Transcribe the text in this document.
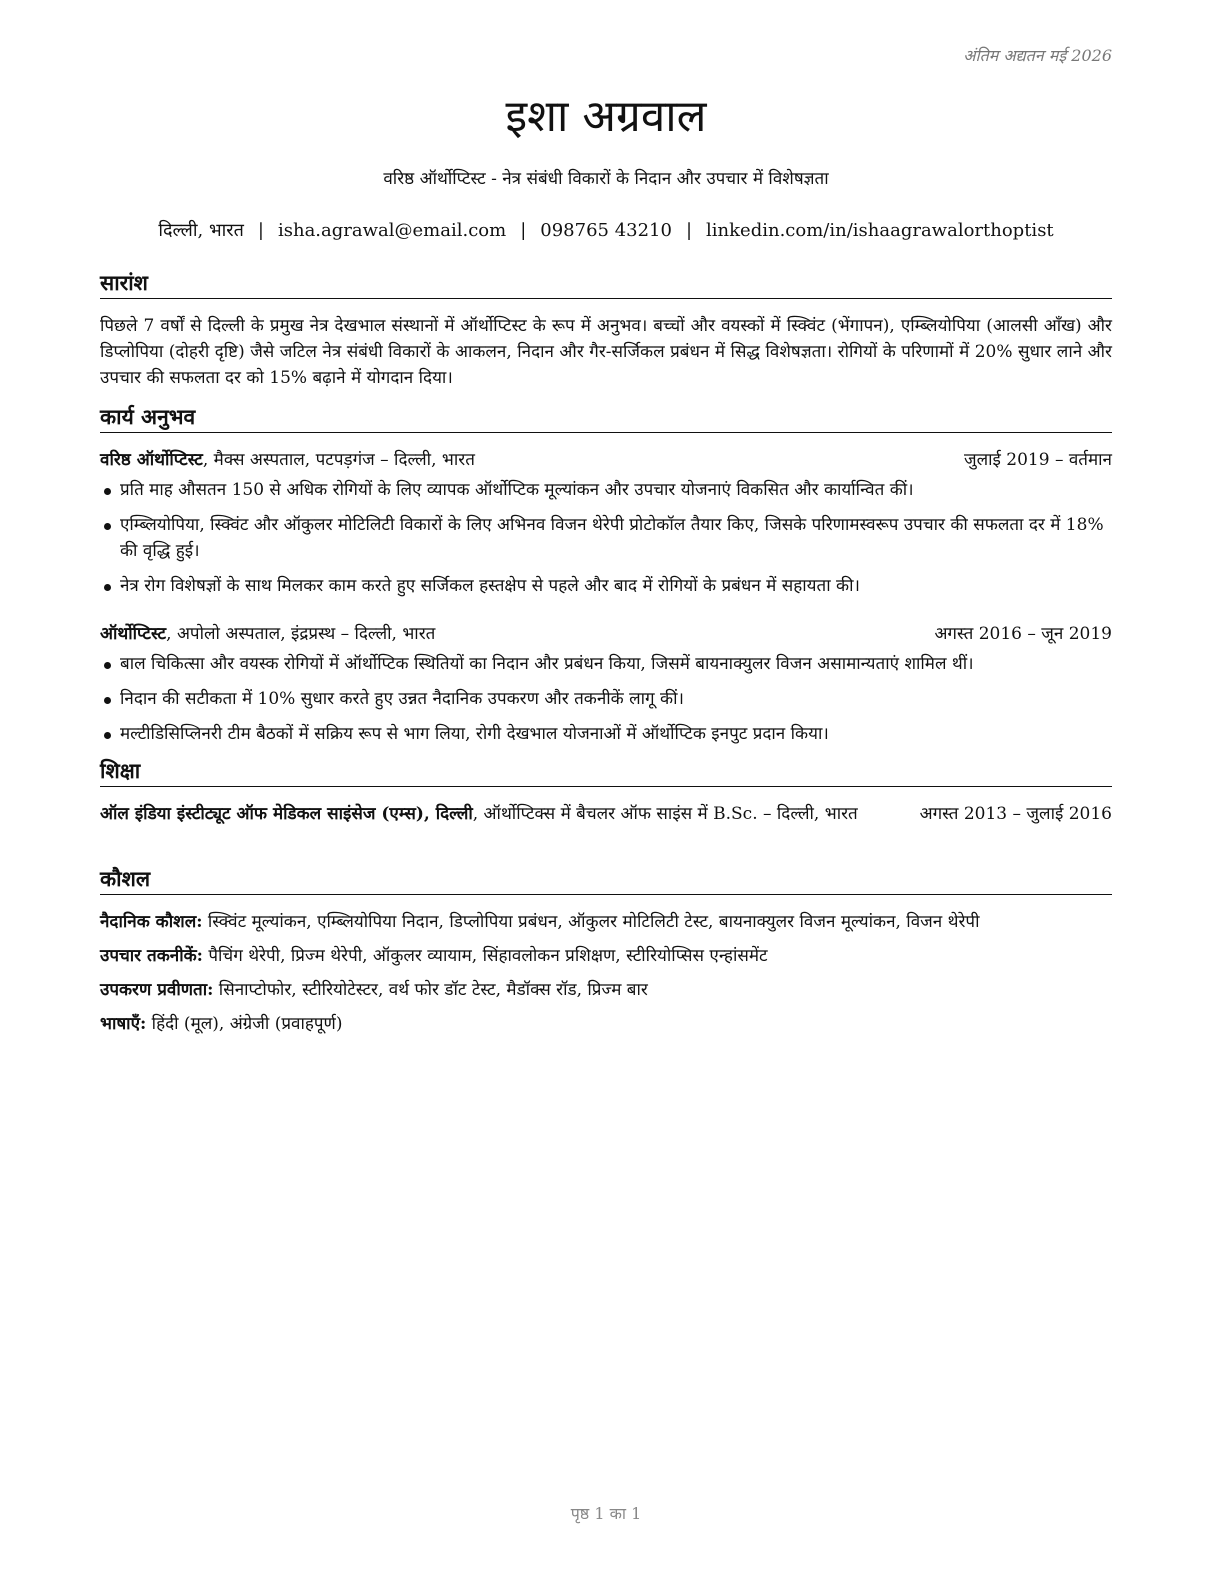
अंतिम अद्यतन मई 2026
इशा अग्रवाल
वरिष्ठ ऑर्थोप्टिस्ट - नेत्र संबंधी विकारों के निदान और उपचार में विशेषज्ञता
दिल्ली, भारत | isha.agrawal@email.com | 098765 43210 | linkedin.com/in/ishaagrawalorthoptist
सारांश

पिछले 7 वर्षों से दिल्ली के प्रमुख नेत्र देखभाल संस्थानों में ऑर्थोप्टिस्ट के रूप में अनुभव। बच्चों और वयस्कों में स्क्विंट (भेंगापन), एम्ब्लियोपिया (आलसी आँख) और डिप्लोपिया (दोहरी दृष्टि) जैसे जटिल नेत्र संबंधी विकारों के आकलन, निदान और गैर-सर्जिकल प्रबंधन में सिद्ध विशेषज्ञता। रोगियों के परिणामों में 20% सुधार लाने और उपचार की सफलता दर को 15% बढ़ाने में योगदान दिया।

कार्य अनुभव
वरिष्ठ ऑर्थोप्टिस्ट, मैक्स अस्पताल, पटपड़गंज – दिल्ली, भारत	जुलाई 2019 – वर्तमान
प्रति माह औसतन 150 से अधिक रोगियों के लिए व्यापक ऑर्थोप्टिक मूल्यांकन और उपचार योजनाएं विकसित और कार्यान्वित कीं।
एम्ब्लियोपिया, स्क्विंट और ऑकुलर मोटिलिटी विकारों के लिए अभिनव विजन थेरेपी प्रोटोकॉल तैयार किए, जिसके परिणामस्वरूप उपचार की सफलता दर में 18% की वृद्धि हुई।
नेत्र रोग विशेषज्ञों के साथ मिलकर काम करते हुए सर्जिकल हस्तक्षेप से पहले और बाद में रोगियों के प्रबंधन में सहायता की।
ऑर्थोप्टिस्ट, अपोलो अस्पताल, इंद्रप्रस्थ – दिल्ली, भारत	अगस्त 2016 – जून 2019
बाल चिकित्सा और वयस्क रोगियों में ऑर्थोप्टिक स्थितियों का निदान और प्रबंधन किया, जिसमें बायनाक्युलर विजन असामान्यताएं शामिल थीं।
निदान की सटीकता में 10% सुधार करते हुए उन्नत नैदानिक उपकरण और तकनीकें लागू कीं।
मल्टीडिसिप्लिनरी टीम बैठकों में सक्रिय रूप से भाग लिया, रोगी देखभाल योजनाओं में ऑर्थोप्टिक इनपुट प्रदान किया।
शिक्षा
ऑल इंडिया इंस्टीट्यूट ऑफ मेडिकल साइंसेज (एम्स), दिल्ली, ऑर्थोप्टिक्स में बैचलर ऑफ साइंस में B.Sc. – दिल्ली, भारत	अगस्त 2013 – जुलाई 2016
कौशल
नैदानिक कौशल: स्क्विंट मूल्यांकन, एम्ब्लियोपिया निदान, डिप्लोपिया प्रबंधन, ऑकुलर मोटिलिटी टेस्ट, बायनाक्युलर विजन मूल्यांकन, विजन थेरेपी
उपचार तकनीकें: पैचिंग थेरेपी, प्रिज्म थेरेपी, ऑकुलर व्यायाम, सिंहावलोकन प्रशिक्षण, स्टीरियोप्सिस एन्हांसमेंट
उपकरण प्रवीणता: सिनाप्टोफोर, स्टीरियोटेस्टर, वर्थ फोर डॉट टेस्ट, मैडॉक्स रॉड, प्रिज्म बार
भाषाएँ: हिंदी (मूल), अंग्रेजी (प्रवाहपूर्ण)
पृष्ठ 1 का 1
